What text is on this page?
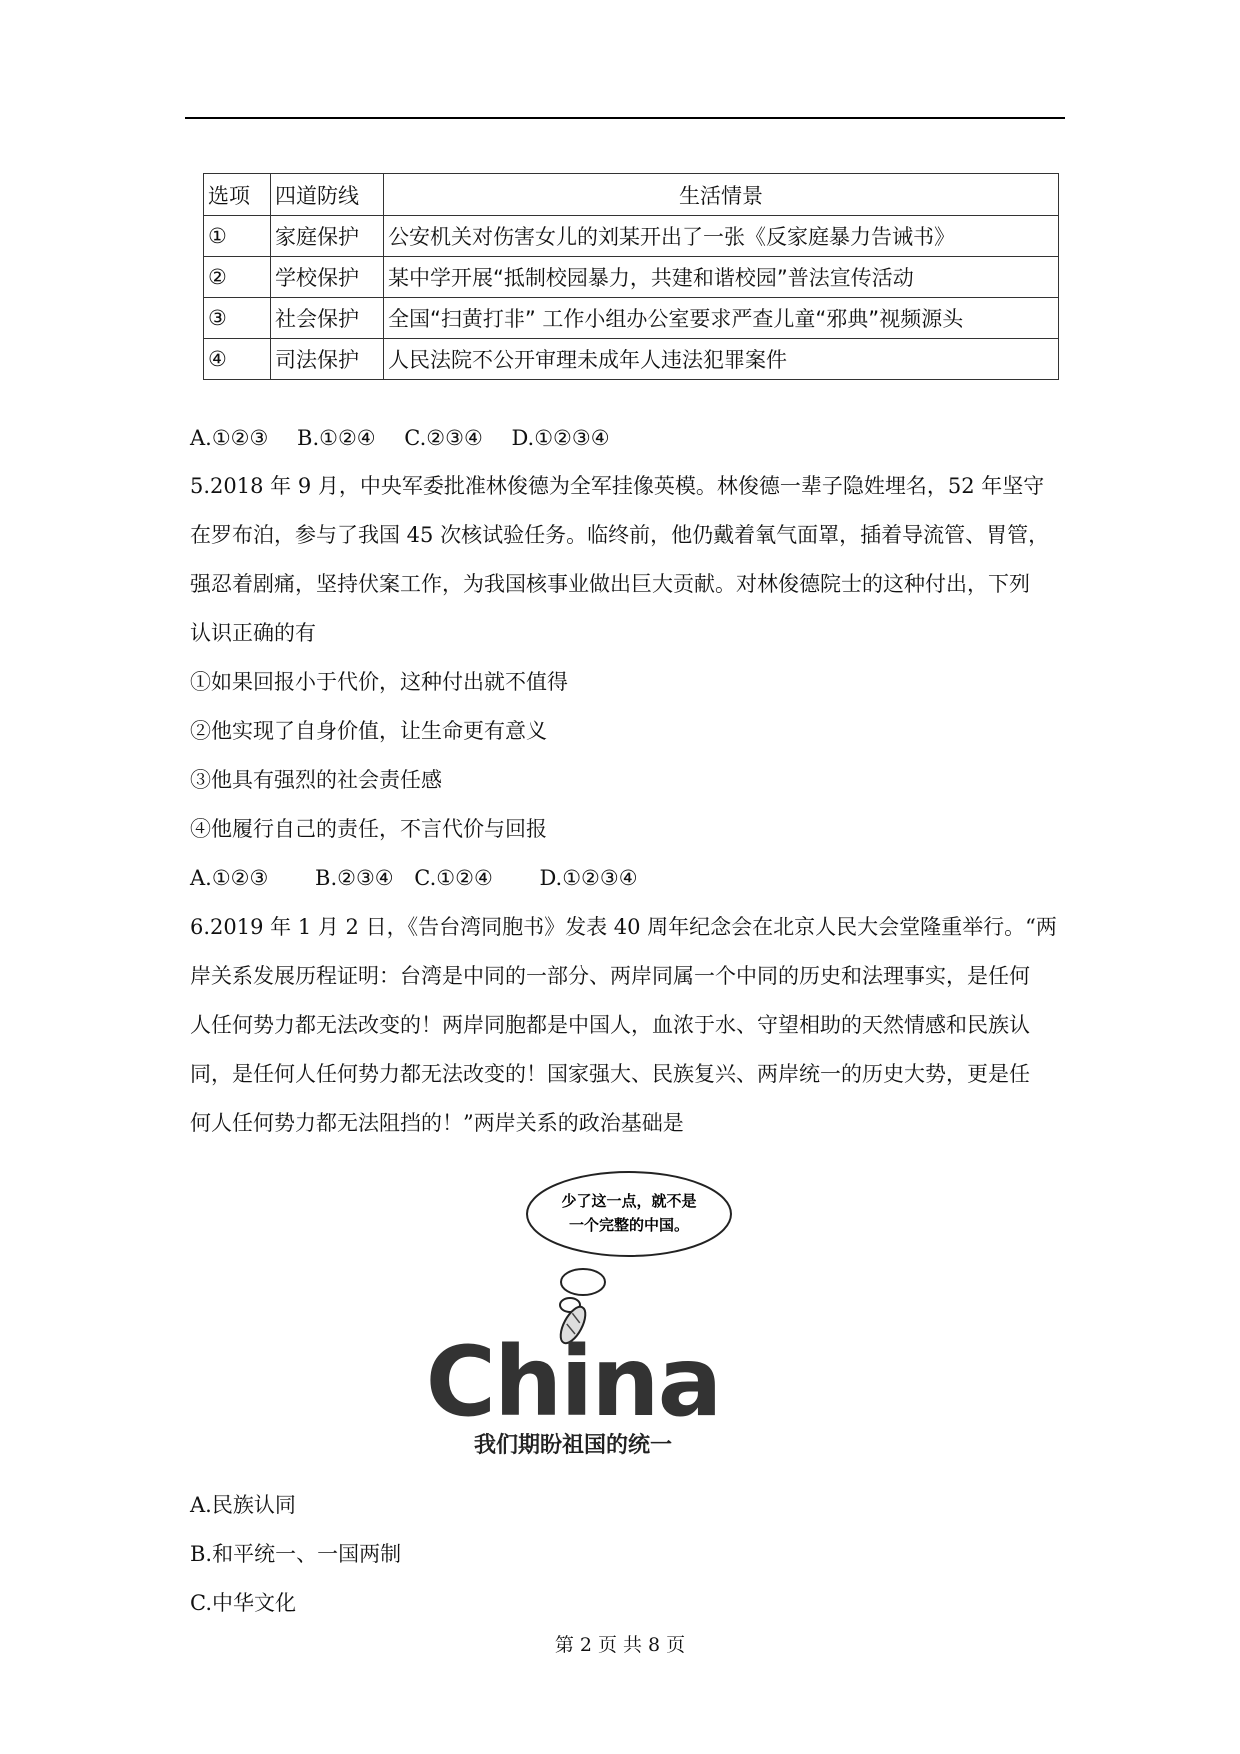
选项	四道防线	生活情景
①	家庭保护	公安机关对伤害女儿的刘某开出了一张《反家庭暴力告诫书》
②	学校保护	某中学开展“抵制校园暴力，共建和谐校园”普法宣传活动
③	社会保护	全国“扫黄打非” 工作小组办公室要求严查儿童“邪典”视频源头
④	司法保护	人民法院不公开审理未成年人违法犯罪案件
A.①②③ B.①②④ C.②③④ D.①②③④
5.2018 年 9 月，中央军委批准林俊德为全军挂像英模。林俊德一辈子隐姓埋名，52 年坚守
在罗布泊，参与了我国 45 次核试验任务。临终前，他仍戴着氧气面罩，插着导流管、胃管，
强忍着剧痛，坚持伏案工作，为我国核事业做出巨大贡献。对林俊德院士的这种付出，下列
认识正确的有
①如果回报小于代价，这种付出就不值得
②他实现了自身价值，让生命更有意义
③他具有强烈的社会责任感
④他履行自己的责任，不言代价与回报
A.①②③ B.②③④ C.①②④ D.①②③④
6.2019 年 1 月 2 日，《告台湾同胞书》发表 40 周年纪念会在北京人民大会堂隆重举行。“两
岸关系发展历程证明：台湾是中同的一部分、两岸同属一个中同的历史和法理事实，是任何
人任何势力都无法改变的！两岸同胞都是中国人，血浓于水、守望相助的天然情感和民族认
同，是任何人任何势力都无法改变的！国家强大、民族复兴、两岸统一的历史大势，更是任
何人任何势力都无法阻挡的！”两岸关系的政治基础是
少了这一点，就不是
一个完整的中国。
China
我们期盼祖国的统一
A.民族认同
B.和平统一、一国两制
C.中华文化
第 2 页 共 8 页
